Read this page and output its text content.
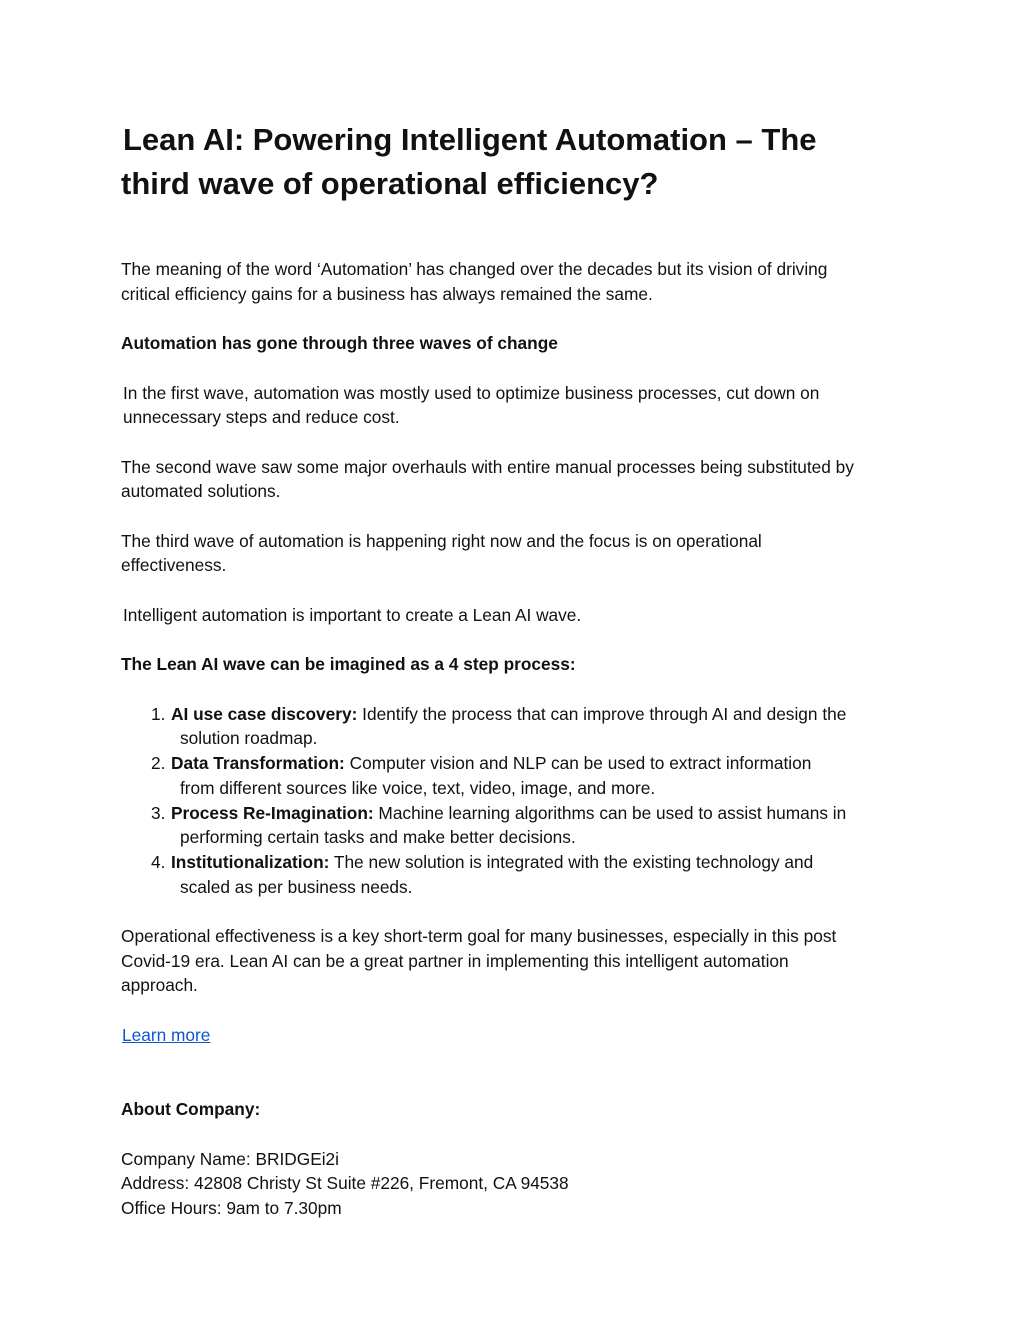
Lean AI: Powering Intelligent Automation – The
third wave of operational efficiency?

The meaning of the word ‘Automation’ has changed over the decades but its vision of driving
critical efficiency gains for a business has always remained the same.

Automation has gone through three waves of change

In the first wave, automation was mostly used to optimize business processes, cut down on
unnecessary steps and reduce cost.

The second wave saw some major overhauls with entire manual processes being substituted by
automated solutions.

The third wave of automation is happening right now and the focus is on operational
effectiveness.

Intelligent automation is important to create a Lean AI wave.

The Lean AI wave can be imagined as a 4 step process:

1. AI use case discovery: Identify the process that can improve through AI and design the
solution roadmap.
2. Data Transformation: Computer vision and NLP can be used to extract information
from different sources like voice, text, video, image, and more.
3. Process Re-Imagination: Machine learning algorithms can be used to assist humans in
performing certain tasks and make better decisions.
4. Institutionalization: The new solution is integrated with the existing technology and
scaled as per business needs.

Operational effectiveness is a key short-term goal for many businesses, especially in this post
Covid-19 era. Lean AI can be a great partner in implementing this intelligent automation
approach.

Learn more

About Company:

Company Name: BRIDGEi2i
Address: 42808 Christy St Suite #226, Fremont, CA 94538
Office Hours: 9am to 7.30pm
